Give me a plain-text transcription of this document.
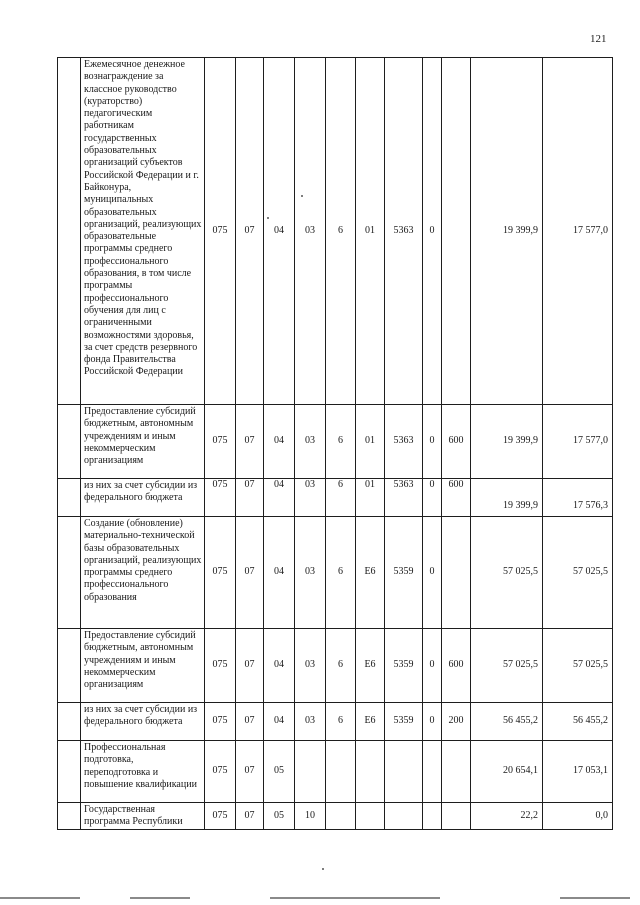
121
	Ежемесячное денежное вознаграждение за классное руководство (кураторство) педагогическим работникам государственных образовательных организаций субъектов Российской Федерации и г. Байконура, муниципальных образовательных организаций, реализующих образовательные программы среднего профессионального образования, в том числе программы профессионального обучения для лиц с ограниченными возможностями здоровья, за счет средств резервного фонда Правительства Российской Федерации	075	07	04	03	6	01	5363	0		19 399,9	17 577,0
	Предоставление субсидий бюджетным, автономным учреждениям и иным некоммерческим организациям	075	07	04	03	6	01	5363	0	600	19 399,9	17 577,0
	из них за счет субсидии из федерального бюджета	075	07	04	03	6	01	5363	0	600	19 399,9	17 576,3
	Создание (обновление) материально-технической базы образовательных организаций, реализующих программы среднего профессионального образования	075	07	04	03	6	Е6	5359	0		57 025,5	57 025,5
	Предоставление субсидий бюджетным, автономным учреждениям и иным некоммерческим организациям	075	07	04	03	6	Е6	5359	0	600	57 025,5	57 025,5
	из них за счет субсидии из федерального бюджета	075	07	04	03	6	Е6	5359	0	200	56 455,2	56 455,2
	Профессиональная подготовка, переподготовка и повышение квалификации	075	07	05							20 654,1	17 053,1
	Государственная программа Республики	075	07	05	10						22,2	0,0
